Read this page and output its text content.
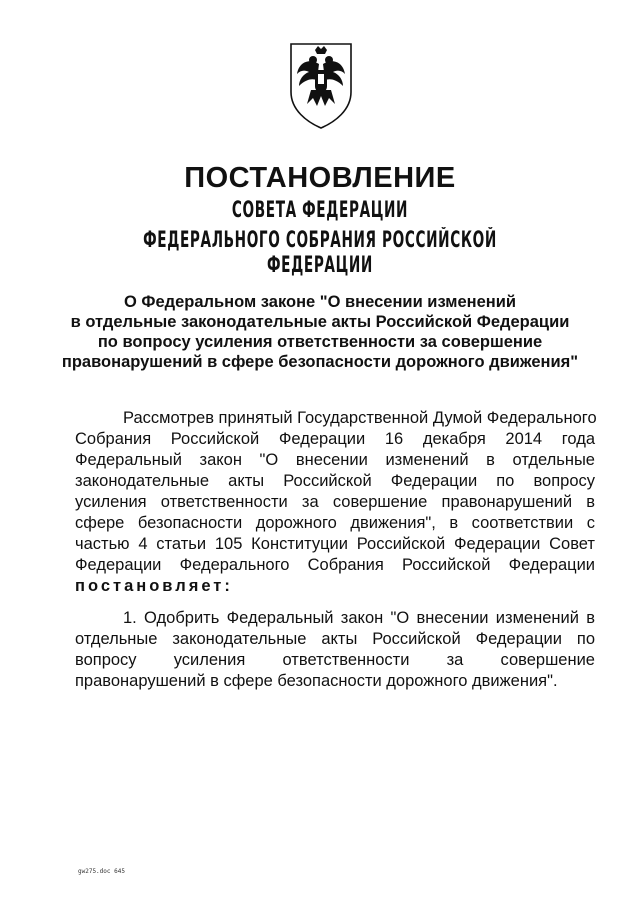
ПОСТАНОВЛЕНИЕ
СОВЕТА ФЕДЕРАЦИИ
ФЕДЕРАЛЬНОГО СОБРАНИЯ РОССИЙСКОЙ ФЕДЕРАЦИИ
О Федеральном законе "О внесении изменений
в отдельные законодательные акты Российской Федерации
по вопросу усиления ответственности за совершение
правонарушений в сфере безопасности дорожного движения"
Рассмотрев принятый Государственной Думой Федерального
Собрания Российской Федерации 16 декабря 2014 года
Федеральный закон "О внесении изменений в отдельные
законодательные акты Российской Федерации по вопросу
усиления ответственности за совершение правонарушений в
сфере безопасности дорожного движения", в соответствии с
частью 4 статьи 105 Конституции Российской Федерации Совет
Федерации Федерального Собрания Российской Федерации
постановляет:
1. Одобрить Федеральный закон "О внесении изменений в
отдельные законодательные акты Российской Федерации по
вопросу усиления ответственности за совершение
правонарушений в сфере безопасности дорожного движения".
gw275.doc 645
